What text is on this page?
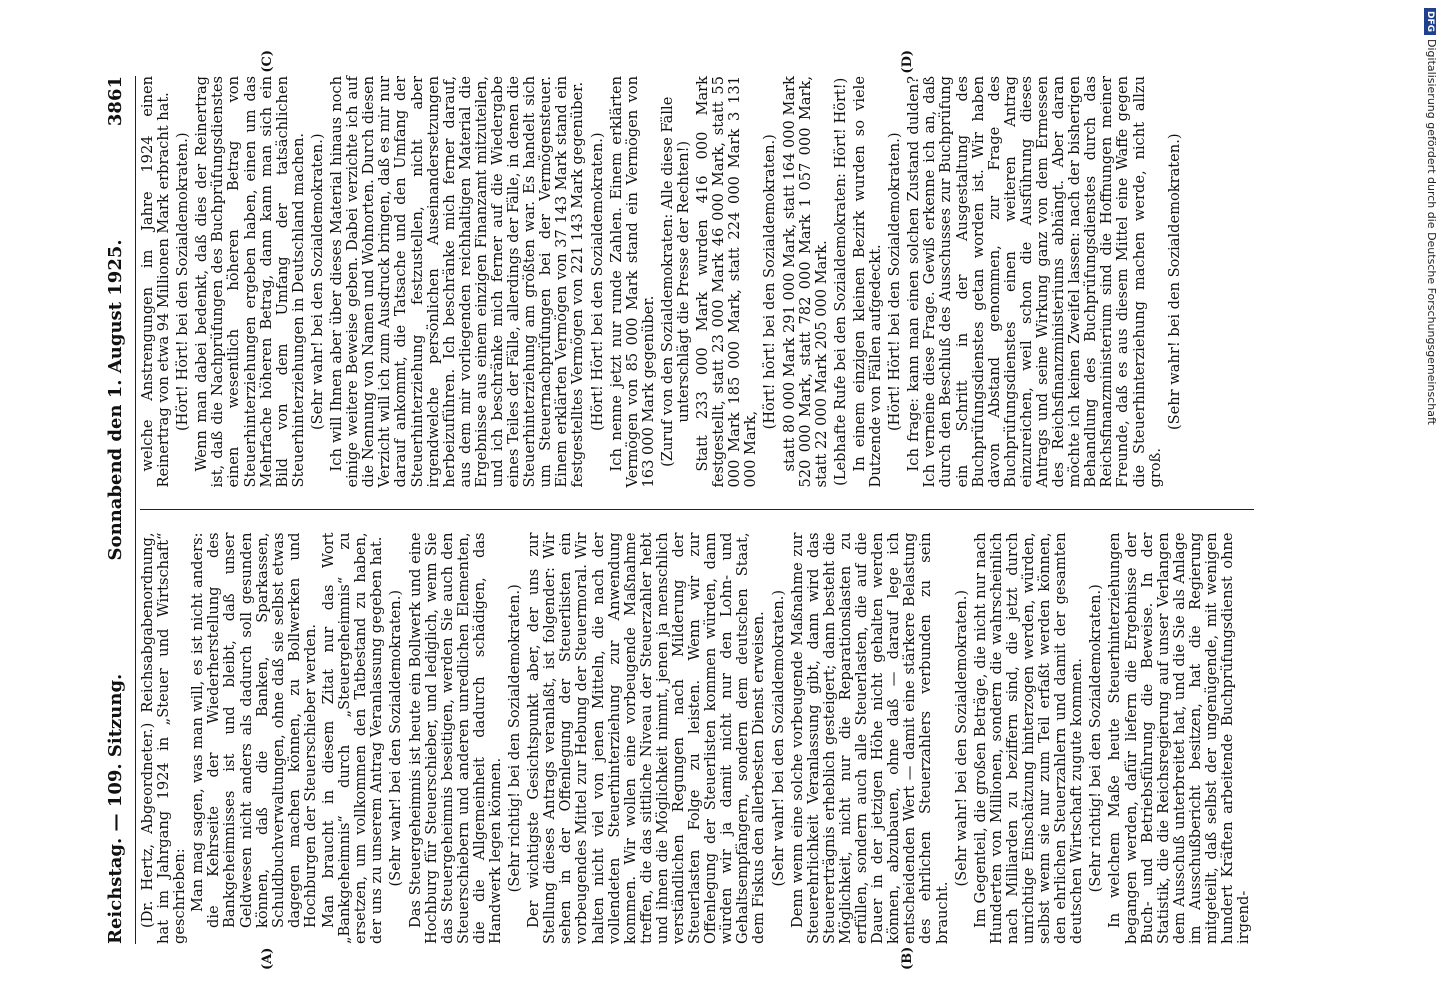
Reichstag. — 109. Sitzung.
Sonnabend den 1. August 1925.
3861
(A)	(B)
(C)	(D)

(Dr. Hertz, Abgeordneter.) Reichsabgabenordnung, hat im Jahrgang 1924 in „Steuer und Wirtschaft“ geschrieben: Man mag sagen, was man will, es ist nicht anders: die Kehrseite der Wiederherstellung des Bankgeheimnisses ist und bleibt, daß unser Geldwesen nicht anders als dadurch soll gesunden können, daß die Banken, Sparkassen, Schuldbuchverwaltungen, ohne daß sie selbst etwas dagegen machen können, zu Bollwerken und Hochburgen der Steuerschieber werden. Man braucht in diesem Zitat nur das Wort „Bankgeheimnis“ durch „Steuergeheimnis“ zu ersetzen, um vollkommen den Tatbestand zu haben, der uns zu unserem Antrag Veranlassung gegeben hat. (Sehr wahr! bei den Sozialdemokraten.) Das Steuergeheimnis ist heute ein Bollwerk und eine Hochburg für Steuerschieber, und lediglich, wenn Sie das Steuergeheimnis beseitigen, werden Sie auch den Steuerschiebern und anderen unredlichen Elementen, die die Allgemeinheit dadurch schädigen, das Handwerk legen können. (Sehr richtig! bei den Sozialdemokraten.) Der wichtigste Gesichtspunkt aber, der uns zur Stellung dieses Antrags veranlaßt, ist folgender: Wir sehen in der Offenlegung der Steuerlisten ein vorbeugendes Mittel zur Hebung der Steuermoral. Wir halten nicht viel von jenen Mitteln, die nach der vollendeten Steuerhinterziehung zur Anwendung kommen. Wir wollen eine vorbeugende Maßnahme treffen, die das sittliche Niveau der Steuerzahler hebt und ihnen die Möglichkeit nimmt, jenen ja menschlich verständlichen Regungen nach Milderung der Steuerlasten Folge zu leisten. Wenn wir zur Offenlegung der Steuerlisten kommen würden, dann würden wir ja damit nicht nur den Lohn- und Gehaltsempfängern, sondern dem deutschen Staat, dem Fiskus den allerbesten Dienst erweisen. (Sehr wahr! bei den Sozialdemokraten.) Denn wenn eine solche vorbeugende Maßnahme zur Steuerehrlichkeit Veranlassung gibt, dann wird das Steuererträgnis erheblich gesteigert; dann besteht die Möglichkeit, nicht nur die Reparationslasten zu erfüllen, sondern auch alle Steuerlasten, die auf die Dauer in der jetzigen Höhe nicht gehalten werden können, abzubauen, ohne daß — darauf lege ich entscheidenden Wert — damit eine stärkere Belastung des ehrlichen Steuerzahlers verbunden zu sein braucht.

(Sehr wahr! bei den Sozialdemokraten.) Im Gegenteil, die großen Beträge, die nicht nur nach Hunderten von Millionen, sondern die wahrscheinlich nach Milliarden zu beziffern sind, die jetzt durch unrichtige Einschätzung hinterzogen werden, würden, selbst wenn sie nur zum Teil erfaßt werden können, den ehrlichen Steuerzahlern und damit der gesamten deutschen Wirtschaft zugute kommen. (Sehr richtig! bei den Sozialdemokraten.) In welchem Maße heute Steuerhinterziehungen begangen werden, dafür liefern die Ergebnisse der Buch- und Betriebsführung die Beweise. In der Statistik, die die Reichsregierung auf unser Verlangen dem Ausschuß unterbreitet hat, und die Sie als Anlage im Ausschußbericht besitzen, hat die Regierung mitgeteilt, daß selbst der ungenügende, mit wenigen hundert Kräften arbeitende Buchprüfungsdienst ohne irgend-

welche Anstrengungen im Jahre 1924 einen Reinertrag von etwa 94 Millionen Mark erbracht hat. (Hört! Hört! bei den Sozialdemokraten.) Wenn man dabei bedenkt, daß dies der Reinertrag ist, daß die Nachprüfungen des Buchprüfungsdienstes einen wesentlich höheren Betrag von Steuerhinterziehungen ergeben haben, einen um das Mehrfache höheren Betrag, dann kann man sich ein Bild von dem Umfang der tatsächlichen Steuerhinterziehungen in Deutschland machen. (Sehr wahr! bei den Sozialdemokraten.) Ich will Ihnen aber über dieses Material hinaus noch einige weitere Beweise geben. Dabei verzichte ich auf die Nennung von Namen und Wohnorten. Durch diesen Verzicht will ich zum Ausdruck bringen, daß es mir nur darauf ankommt, die Tatsache und den Umfang der Steuerhinterziehung festzustellen, nicht aber irgendwelche persönlichen Auseinandersetzungen herbeizuführen. Ich beschränke mich ferner darauf, aus dem mir vorliegenden reichhaltigen Material die Ergebnisse aus einem einzigen Finanzamt mitzuteilen, und ich beschränke mich ferner auf die Wiedergabe eines Teiles der Fälle, allerdings der Fälle, in denen die Steuerhinterziehung am größten war. Es handelt sich um Steuernachprüfungen bei der Vermögensteuer. Einem erklärten Vermögen von 37 143 Mark stand ein festgestelltes Vermögen von 221 143 Mark gegenüber. (Hört! Hört! bei den Sozialdemokraten.) Ich nenne jetzt nur runde Zahlen. Einem erklärten Vermögen von 85 000 Mark stand ein Vermögen von 163 000 Mark gegenüber. (Zuruf von den Sozialdemokraten: Alle diese Fälle unterschlägt die Presse der Rechten!) Statt 233 000 Mark wurden 416 000 Mark festgestellt, statt 23 000 Mark 46 000 Mark, statt 55 000 Mark 185 000 Mark, statt 224 000 Mark 3 131 000 Mark,

(Hört! hört! bei den Sozialdemokraten.) statt 80 000 Mark 291 000 Mark, statt 164 000 Mark 520 000 Mark, statt 782 000 Mark 1 057 000 Mark, statt 22 000 Mark 205 000 Mark. (Lebhafte Rufe bei den Sozialdemokraten: Hört! Hört!) In einem einzigen kleinen Bezirk wurden so viele Dutzende von Fällen aufgedeckt. (Hört! Hört! bei den Sozialdemokraten.) Ich frage: kann man einen solchen Zustand dulden? Ich verneine diese Frage. Gewiß erkenne ich an, daß durch den Beschluß des Ausschusses zur Buchprüfung ein Schritt in der Ausgestaltung des Buchprüfungsdienstes getan worden ist. Wir haben davon Abstand genommen, zur Frage des Buchprüfungsdienstes einen weiteren Antrag einzureichen, weil schon die Ausführung dieses Antrags und seine Wirkung ganz von dem Ermessen des Reichsfinanzministeriums abhängt. Aber daran möchte ich keinen Zweifel lassen: nach der bisherigen Behandlung des Buchprüfungsdienstes durch das Reichsfinanzministerium sind die Hoffnungen meiner Freunde, daß es aus diesem Mittel eine Waffe gegen die Steuerhinterziehung machen werde, nicht allzu groß.

(Sehr wahr! bei den Sozialdemokraten.)

DFGDigitalisierung gefördert durch die Deutsche Forschungsgemeinschaft
